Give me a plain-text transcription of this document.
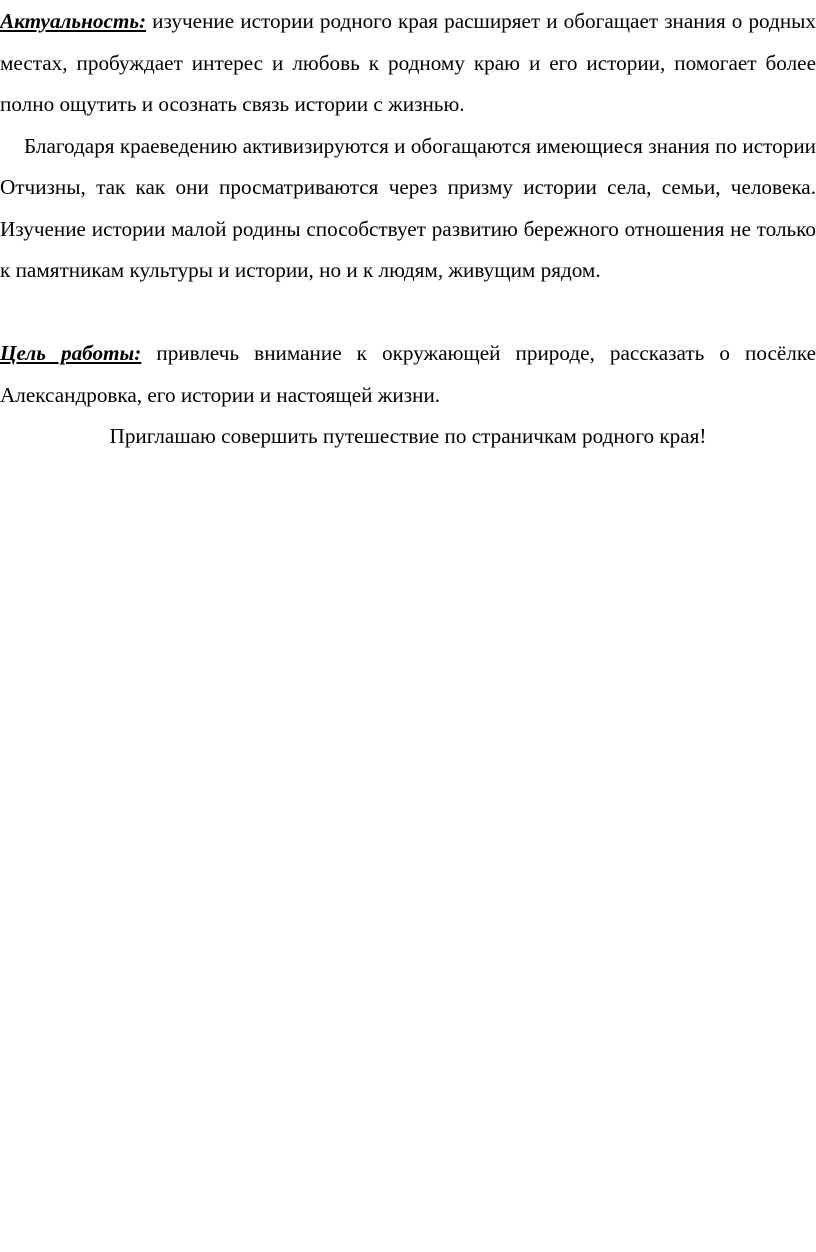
Актуальность: изучение истории родного края расширяет и обогащает знания о родных местах, пробуждает интерес и любовь к родному краю и его истории, помогает более полно ощутить и осознать связь истории с жизнью.

Благодаря краеведению активизируются и обогащаются имеющиеся знания по истории Отчизны, так как они просматриваются через призму истории села, семьи, человека. Изучение истории малой родины способствует развитию бережного отношения не только к памятникам культуры и истории, но и к людям, живущим рядом.

Цель работы: привлечь внимание к окружающей природе, рассказать о посёлке Александровка, его истории и настоящей жизни.

Приглашаю совершить путешествие по страничкам родного края!
